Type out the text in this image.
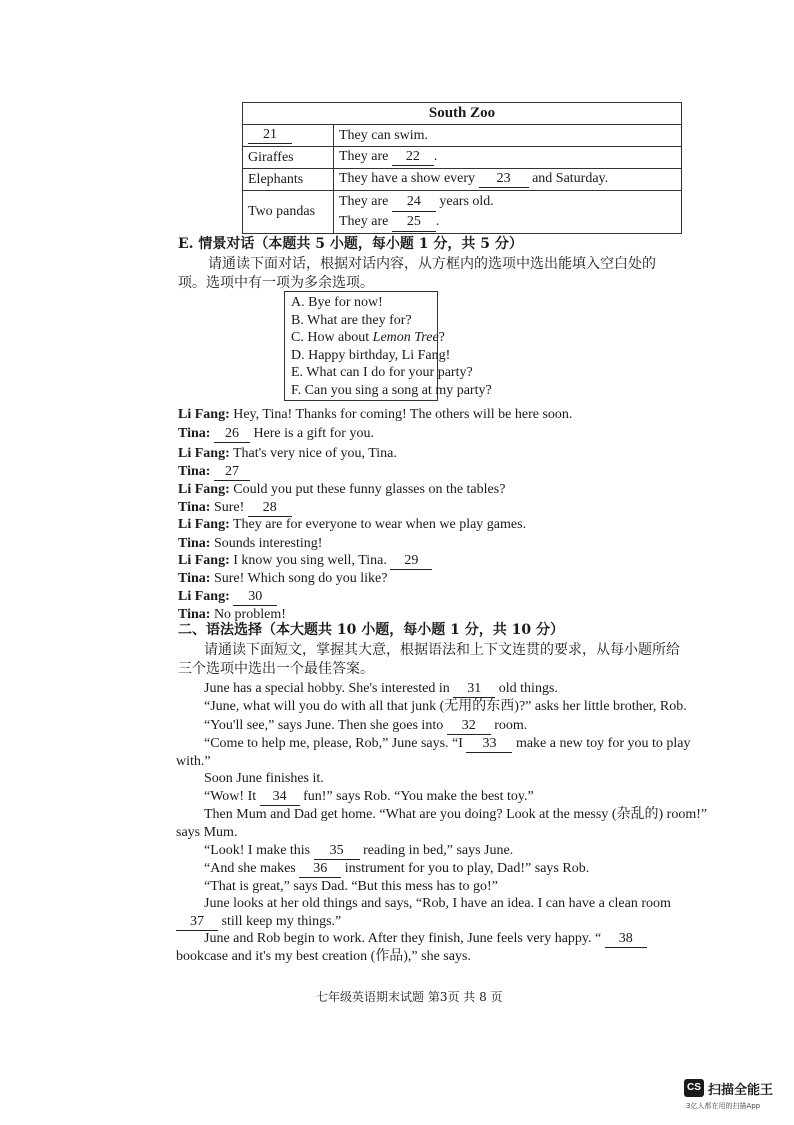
South Zoo	
21	They can swim.
Giraffes	They are 22 .
Elephants	They have a show every 23 and Saturday.
Two pandas	They are 24 years old.
They are 25 .
E. 情景对话（本题共 5 小题，每小题 1 分，共 5 分）
请通读下面对话，根据对话内容，从方框内的选项中选出能填入空白处的
项。选项中有一项为多余选项。
A. Bye for now!
B. What are they for?
C. How about Lemon Tree?
D. Happy birthday, Li Fang!
E. What can I do for your party?
F. Can you sing a song at my party?
Li Fang: Hey, Tina! Thanks for coming! The others will be here soon.
Tina: 26 Here is a gift for you.
Li Fang: That's very nice of you, Tina.
Tina: 27
Li Fang: Could you put these funny glasses on the tables?
Tina: Sure! 28
Li Fang: They are for everyone to wear when we play games.
Tina: Sounds interesting!
Li Fang: I know you sing well, Tina. 29
Tina: Sure! Which song do you like?
Li Fang: 30
Tina: No problem!
二、语法选择（本大题共 10 小题，每小题 1 分，共 10 分）
请通读下面短文，掌握其大意，根据语法和上下文连贯的要求，从每小题所给
三个选项中选出一个最佳答案。
June has a special hobby. She's interested in 31 old things.
“June, what will you do with all that junk (无用的东西)?” asks her little brother, Rob.
“You'll see,” says June. Then she goes into 32 room.
“Come to help me, please, Rob,” June says. “I 33 make a new toy for you to play
with.”
Soon June finishes it.
“Wow! It 34 fun!” says Rob. “You make the best toy.”
Then Mum and Dad get home. “What are you doing? Look at the messy (杂乱的) room!”
says Mum.
“Look! I make this 35 reading in bed,” says June.
“And she makes 36 instrument for you to play, Dad!” says Rob.
“That is great,” says Dad. “But this mess has to go!”
June looks at her old things and says, “Rob, I have an idea. I can have a clean room
37 still keep my things.”
June and Rob begin to work. After they finish, June feels very happy. “ 38
bookcase and it's my best creation (作品),” she says.
七年级英语期末试题 第3页 共 8 页
CS 扫描全能王
3亿人都在用的扫描App
